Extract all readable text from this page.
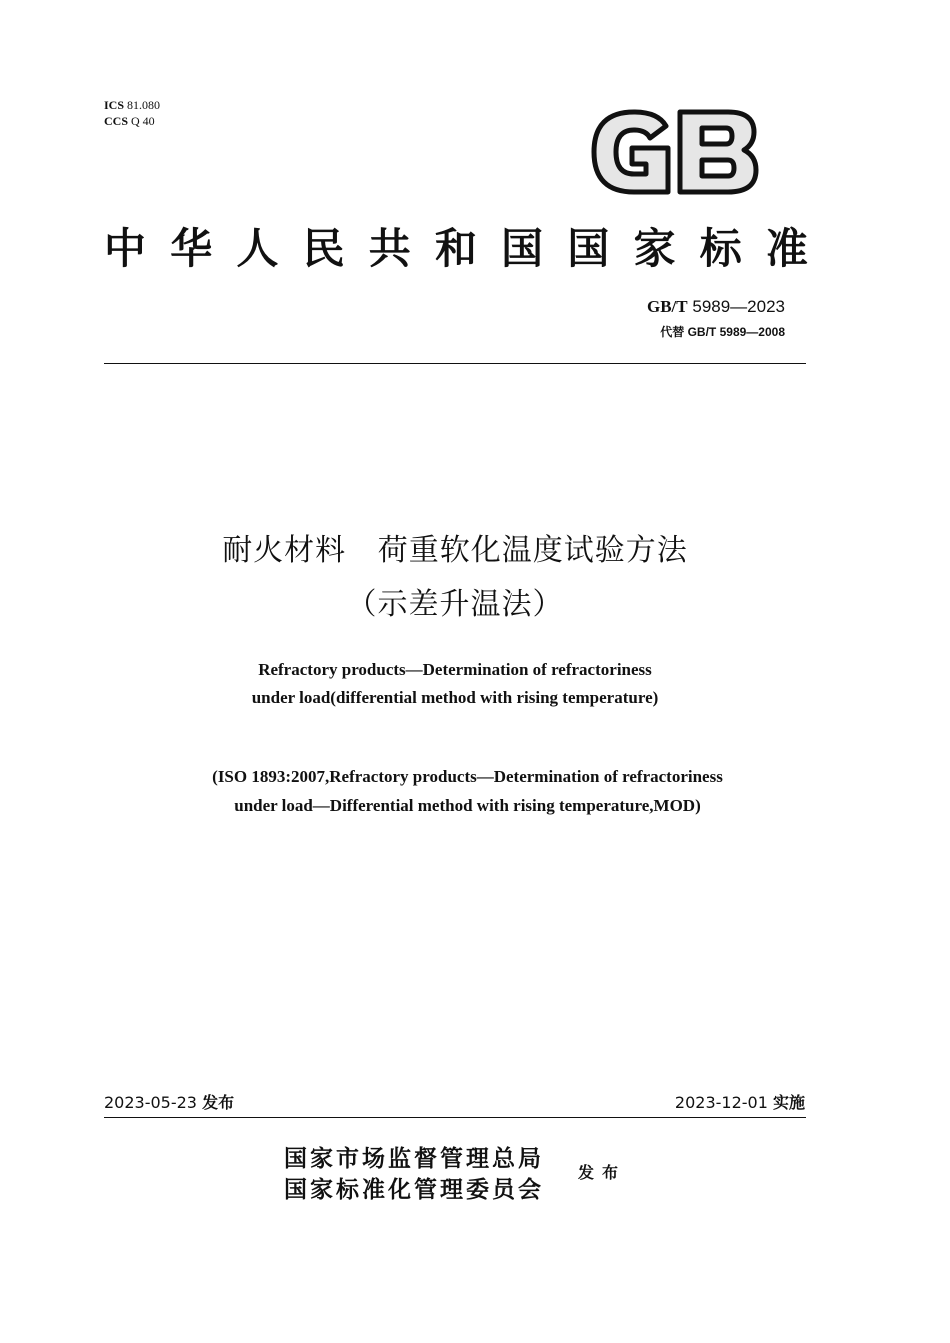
ICS 81.080
CCS Q 40
GB
中 华 人 民 共 和 国 国 家 标 准
GB/T 5989—2023
代替 GB/T 5989—2008
耐火材料   荷重软化温度试验方法
（示差升温法）
Refractory products—Determination of refractoriness
under load(differential method with rising temperature)
(ISO 1893:2007,Refractory products—Determination of refractoriness
under load—Differential method with rising temperature,MOD)
2023-05-23 发布	2023-12-01 实施
国家市场监督管理总局
国家标准化管理委员会
发布
